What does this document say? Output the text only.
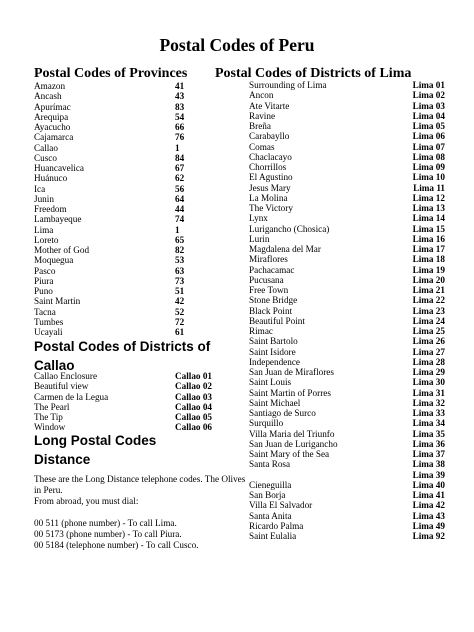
Postal Codes of Peru
Postal Codes of Provinces Postal Codes of Districts of Lima
Amazon	41
Ancash	43
Apurímac	83
Arequipa	54
Ayacucho	66
Cajamarca	76
Callao	1
Cusco	84
Huancavelica	67
Huánuco	62
Ica	56
Junin	64
Freedom	44
Lambayeque	74
Lima	1
Loreto	65
Mother of God	82
Moquegua	53
Pasco	63
Piura	73
Puno	51
Saint Martin	42
Tacna	52
Tumbes	72
Ucayali	61
Postal Codes of Districts of
Callao
Callao Enclosure	Callao 01
Beautiful view	Callao 02
Carmen de la Legua	Callao 03
The Pearl	Callao 04
The Tip	Callao 05
Window	Callao 06
Long Postal Codes
Distance
These are the Long Distance telephone codes. The Olives
in Peru.
From abroad, you must dial:
00 511 (phone number) - To call Lima.
00 5173 (phone number) - To call Piura.
00 5184 (telephone number) - To call Cusco.
Surrounding of Lima	Lima 01
Ancon	Lima 02
Ate Vitarte	Lima 03
Ravine	Lima 04
Breña	Lima 05
Carabayllo	Lima 06
Comas	Lima 07
Chaclacayo	Lima 08
Chorrillos	Lima 09
El Agustino	Lima 10
Jesus Mary	Lima 11
La Molina	Lima 12
The Victory	Lima 13
Lynx	Lima 14
Lurigancho (Chosica)	Lima 15
Lurin	Lima 16
Magdalena del Mar	Lima 17
Miraflores	Lima 18
Pachacamac	Lima 19
Pucusana	Lima 20
Free Town	Lima 21
Stone Bridge	Lima 22
Black Point	Lima 23
Beautiful Point	Lima 24
Rimac	Lima 25
Saint Bartolo	Lima 26
Saint Isidore	Lima 27
Independence	Lima 28
San Juan de Miraflores	Lima 29
Saint Louis	Lima 30
Saint Martin of Porres	Lima 31
Saint Michael	Lima 32
Santiago de Surco	Lima 33
Surquillo	Lima 34
Villa Maria del Triunfo	Lima 35
San Juan de Lurigancho	Lima 36
Saint Mary of the Sea	Lima 37
Santa Rosa	Lima 38
Lima 39
Cieneguilla	Lima 40
San Borja	Lima 41
Villa El Salvador	Lima 42
Santa Anita	Lima 43
Ricardo Palma	Lima 49
Saint Eulalia	Lima 92
